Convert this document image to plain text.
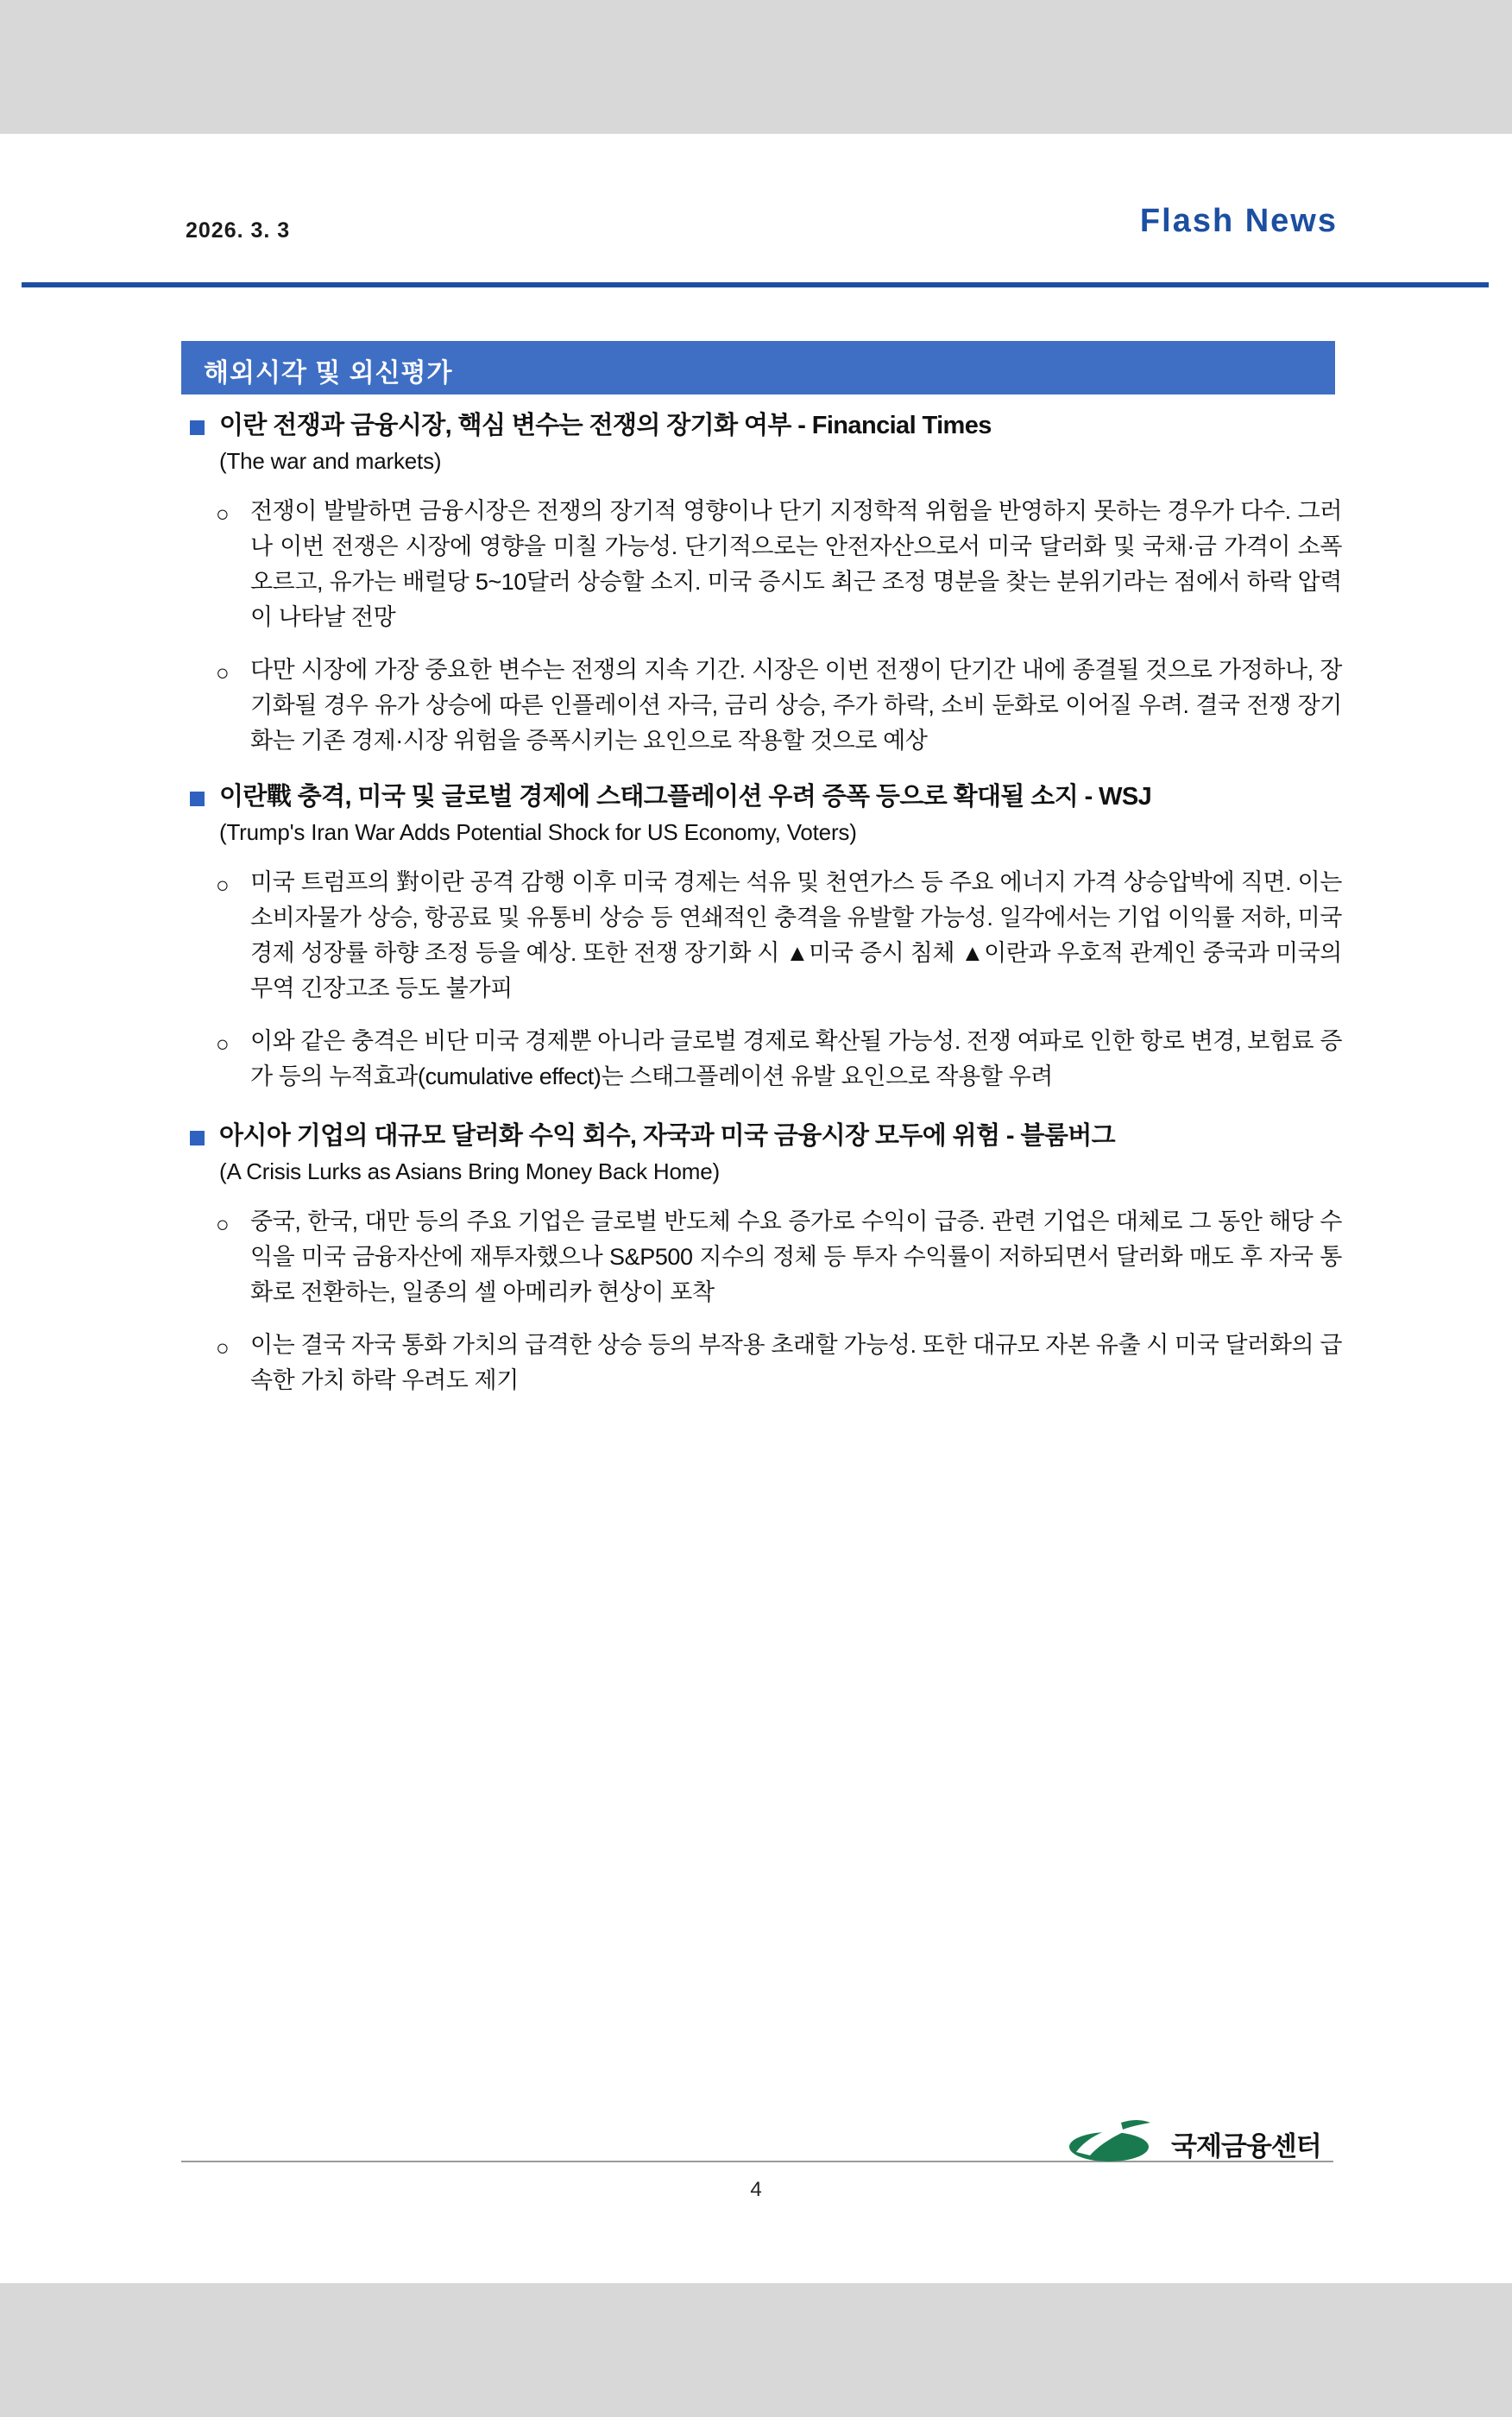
2026. 3. 3	Flash News
해외시각 및 외신평가
이란 전쟁과 금융시장, 핵심 변수는 전쟁의 장기화 여부 - Financial Times
(The war and markets)
○ 전쟁이 발발하면 금융시장은 전쟁의 장기적 영향이나 단기 지정학적 위험을 반영하지 못하는 경우가 다수. 그러나 이번 전쟁은 시장에 영향을 미칠 가능성. 단기적으로는 안전자산으로서 미국 달러화 및 국채·금 가격이 소폭 오르고, 유가는 배럴당 5~10달러 상승할 소지. 미국 증시도 최근 조정 명분을 찾는 분위기라는 점에서 하락 압력이 나타날 전망
○ 다만 시장에 가장 중요한 변수는 전쟁의 지속 기간. 시장은 이번 전쟁이 단기간 내에 종결될 것으로 가정하나, 장기화될 경우 유가 상승에 따른 인플레이션 자극, 금리 상승, 주가 하락, 소비 둔화로 이어질 우려. 결국 전쟁 장기화는 기존 경제·시장 위험을 증폭시키는 요인으로 작용할 것으로 예상
이란戰 충격, 미국 및 글로벌 경제에 스태그플레이션 우려 증폭 등으로 확대될 소지 - WSJ
(Trump's Iran War Adds Potential Shock for US Economy, Voters)
○ 미국 트럼프의 對이란 공격 감행 이후 미국 경제는 석유 및 천연가스 등 주요 에너지 가격 상승압박에 직면. 이는 소비자물가 상승, 항공료 및 유통비 상승 등 연쇄적인 충격을 유발할 가능성. 일각에서는 기업 이익률 저하, 미국 경제 성장률 하향 조정 등을 예상. 또한 전쟁 장기화 시 ▲미국 증시 침체 ▲이란과 우호적 관계인 중국과 미국의 무역 긴장고조 등도 불가피
○ 이와 같은 충격은 비단 미국 경제뿐 아니라 글로벌 경제로 확산될 가능성. 전쟁 여파로 인한 항로 변경, 보험료 증가 등의 누적효과(cumulative effect)는 스태그플레이션 유발 요인으로 작용할 우려
아시아 기업의 대규모 달러화 수익 회수, 자국과 미국 금융시장 모두에 위험 - 블룸버그
(A Crisis Lurks as Asians Bring Money Back Home)
○ 중국, 한국, 대만 등의 주요 기업은 글로벌 반도체 수요 증가로 수익이 급증. 관련 기업은 대체로 그 동안 해당 수익을 미국 금융자산에 재투자했으나 S&P500 지수의 정체 등 투자 수익률이 저하되면서 달러화 매도 후 자국 통화로 전환하는, 일종의 셀 아메리카 현상이 포착
○ 이는 결국 자국 통화 가치의 급격한 상승 등의 부작용 초래할 가능성. 또한 대규모 자본 유출 시 미국 달러화의 급속한 가치 하락 우려도 제기
4
국제금융센터
